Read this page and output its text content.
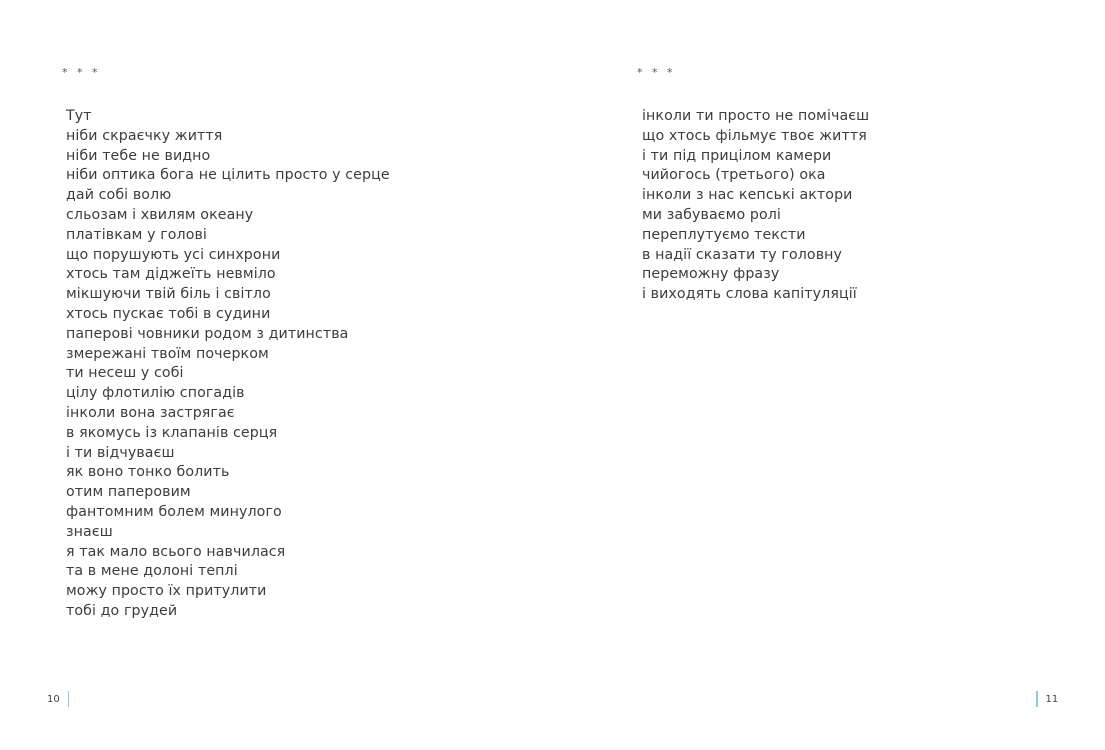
* * *
Тут
ніби скраєчку життя
ніби тебе не видно
ніби оптика бога не цілить просто у серце
дай собі волю
сльозам і хвилям океану
платівкам у голові
що порушують усі синхрони
хтось там діджеїть невміло
мікшуючи твій біль і світло
хтось пускає тобі в судини
паперові човники родом з дитинства
змережані твоїм почерком
ти несеш у собі
цілу флотилію спогадів
інколи вона застрягає
в якомусь із клапанів серця
і ти відчуваєш
як воно тонко болить
отим паперовим
фантомним болем минулого
знаєш
я так мало всього навчилася
та в мене долоні теплі
можу просто їх притулити
тобі до грудей
10
* * *
інколи ти просто не помічаєш
що хтось фільмує твоє життя
і ти під прицілом камери
чийогось (третього) ока
інколи з нас кепські актори
ми забуваємо ролі
переплутуємо тексти
в надії сказати ту головну
переможну фразу
і виходять слова капітуляції
11
